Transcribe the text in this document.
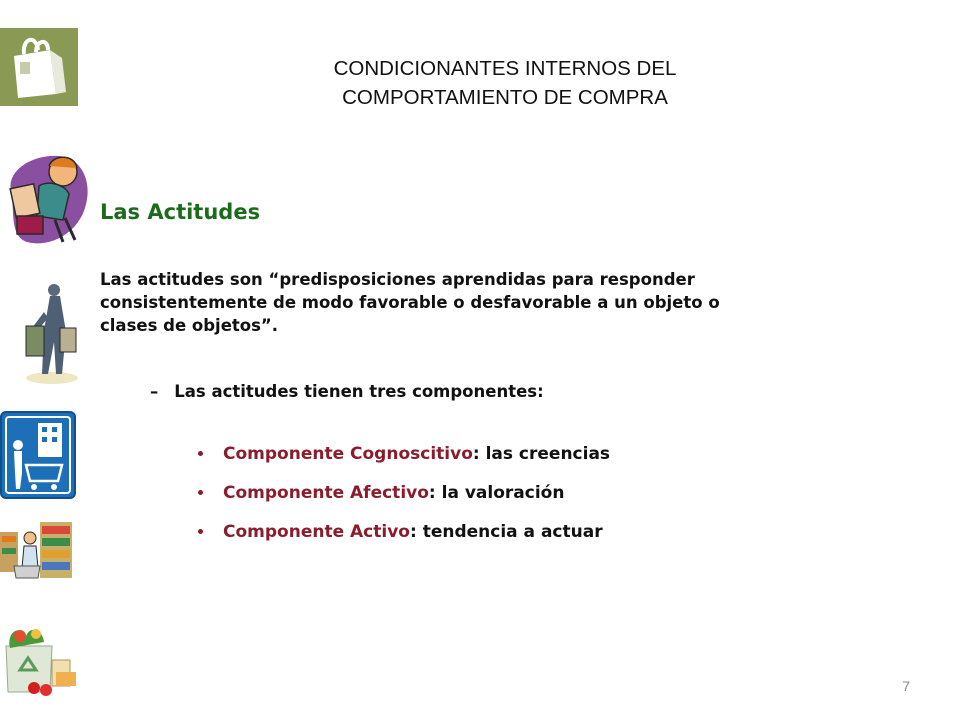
CONDICIONANTES INTERNOS DEL
COMPORTAMIENTO DE COMPRA
Las Actitudes
Las actitudes son “predisposiciones aprendidas para responder
consistentemente de modo favorable o desfavorable a un objeto o
clases de objetos”.
– Las actitudes tienen tres componentes:
Componente Cognoscitivo: las creencias
Componente Afectivo: la valoración
Componente Activo: tendencia a actuar
7
